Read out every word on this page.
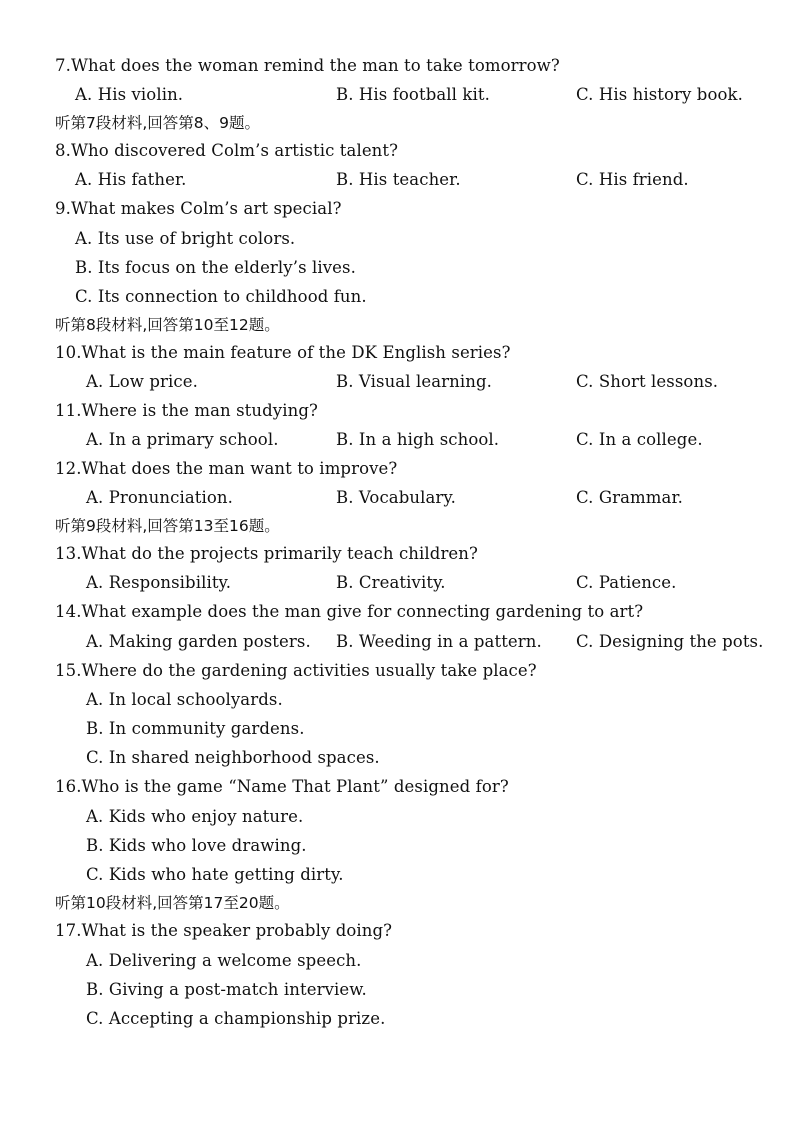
7.What does the woman remind the man to take tomorrow?
A. His violin.	B. His football kit.	C. His history book.
听第7段材料,回答第8、9题。
8.Who discovered Colm’s artistic talent?
A. His father.	B. His teacher.	C. His friend.
9.What makes Colm’s art special?
A. Its use of bright colors.
B. Its focus on the elderly’s lives.
C. Its connection to childhood fun.
听第8段材料,回答第10至12题。
10.What is the main feature of the DK English series?
A. Low price.	B. Visual learning.	C. Short lessons.
11.Where is the man studying?
A. In a primary school.	B. In a high school.	C. In a college.
12.What does the man want to improve?
A. Pronunciation.	B. Vocabulary.	C. Grammar.
听第9段材料,回答第13至16题。
13.What do the projects primarily teach children?
A. Responsibility.	B. Creativity.	C. Patience.
14.What example does the man give for connecting gardening to art?
A. Making garden posters. B. Weeding in a pattern. C. Designing the pots.
15.Where do the gardening activities usually take place?
A. In local schoolyards.
B. In community gardens.
C. In shared neighborhood spaces.
16.Who is the game “Name That Plant” designed for?
A. Kids who enjoy nature.
B. Kids who love drawing.
C. Kids who hate getting dirty.
听第10段材料,回答第17至20题。
17.What is the speaker probably doing?
A. Delivering a welcome speech.
B. Giving a post-match interview.
C. Accepting a championship prize.
